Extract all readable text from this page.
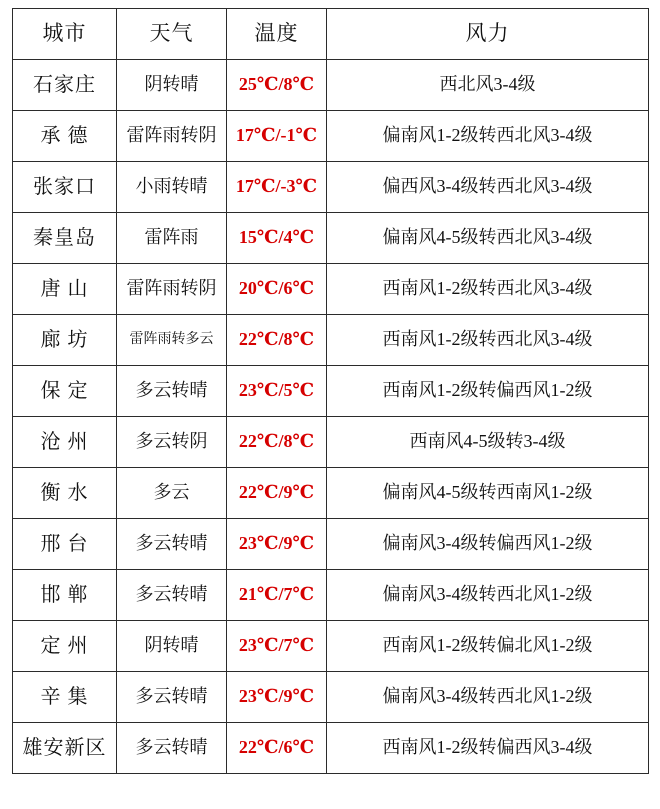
城市	天气	温度	风力
石家庄	阴转晴	25℃/8℃	西北风3-4级
承 德	雷阵雨转阴	17℃/-1℃	偏南风1-2级转西北风3-4级
张家口	小雨转晴	17℃/-3℃	偏西风3-4级转西北风3-4级
秦皇岛	雷阵雨	15℃/4℃	偏南风4-5级转西北风3-4级
唐 山	雷阵雨转阴	20℃/6℃	西南风1-2级转西北风3-4级
廊 坊	雷阵雨转多云	22℃/8℃	西南风1-2级转西北风3-4级
保 定	多云转晴	23℃/5℃	西南风1-2级转偏西风1-2级
沧 州	多云转阴	22℃/8℃	西南风4-5级转3-4级
衡 水	多云	22℃/9℃	偏南风4-5级转西南风1-2级
邢 台	多云转晴	23℃/9℃	偏南风3-4级转偏西风1-2级
邯 郸	多云转晴	21℃/7℃	偏南风3-4级转西北风1-2级
定 州	阴转晴	23℃/7℃	西南风1-2级转偏北风1-2级
辛 集	多云转晴	23℃/9℃	偏南风3-4级转西北风1-2级
雄安新区	多云转晴	22℃/6℃	西南风1-2级转偏西风3-4级
